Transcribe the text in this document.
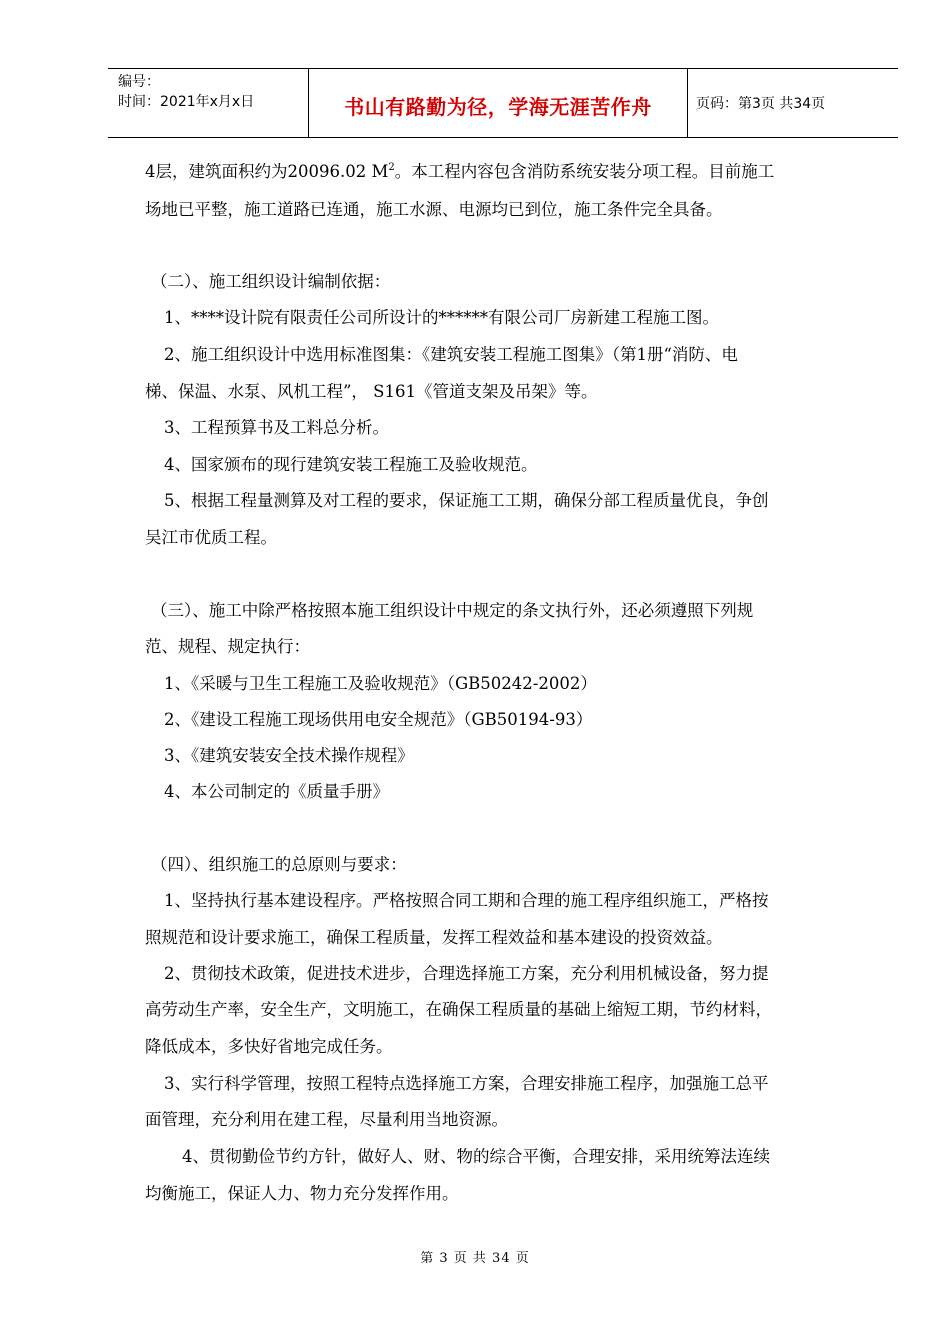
编号：
时间：2021年x月x日	书山有路勤为径，学海无涯苦作舟	页码：第3页 共34页
4层，建筑面积约为20096.02 $M^2$。本工程内容包含消防系统安装分项工程。目前施工
场地已平整，施工道路已连通，施工水源、电源均已到位，施工条件完全具备。
（二）、施工组织设计编制依据：
1、****设计院有限责任公司所设计的******有限公司厂房新建工程施工图。
2、施工组织设计中选用标准图集：《建筑安装工程施工图集》（第1册“消防、电
梯、保温、水泵、风机工程”， S161《管道支架及吊架》等。
3、工程预算书及工料总分析。
4、国家颁布的现行建筑安装工程施工及验收规范。
5、根据工程量测算及对工程的要求，保证施工工期，确保分部工程质量优良，争创
吴江市优质工程。
（三）、施工中除严格按照本施工组织设计中规定的条文执行外，还必须遵照下列规
范、规程、规定执行：
1、《采暖与卫生工程施工及验收规范》（GB50242-2002）
2、《建设工程施工现场供用电安全规范》（GB50194-93）
3、《建筑安装安全技术操作规程》
4、本公司制定的《质量手册》
（四）、组织施工的总原则与要求：
1、坚持执行基本建设程序。严格按照合同工期和合理的施工程序组织施工，严格按
照规范和设计要求施工，确保工程质量，发挥工程效益和基本建设的投资效益。
2、贯彻技术政策，促进技术进步，合理选择施工方案，充分利用机械设备，努力提
高劳动生产率，安全生产，文明施工，在确保工程质量的基础上缩短工期，节约材料，
降低成本，多快好省地完成任务。
3、实行科学管理，按照工程特点选择施工方案，合理安排施工程序，加强施工总平
面管理，充分利用在建工程，尽量利用当地资源。
4、贯彻勤俭节约方针，做好人、财、物的综合平衡，合理安排，采用统筹法连续
均衡施工，保证人力、物力充分发挥作用。
第 3 页 共 34 页
